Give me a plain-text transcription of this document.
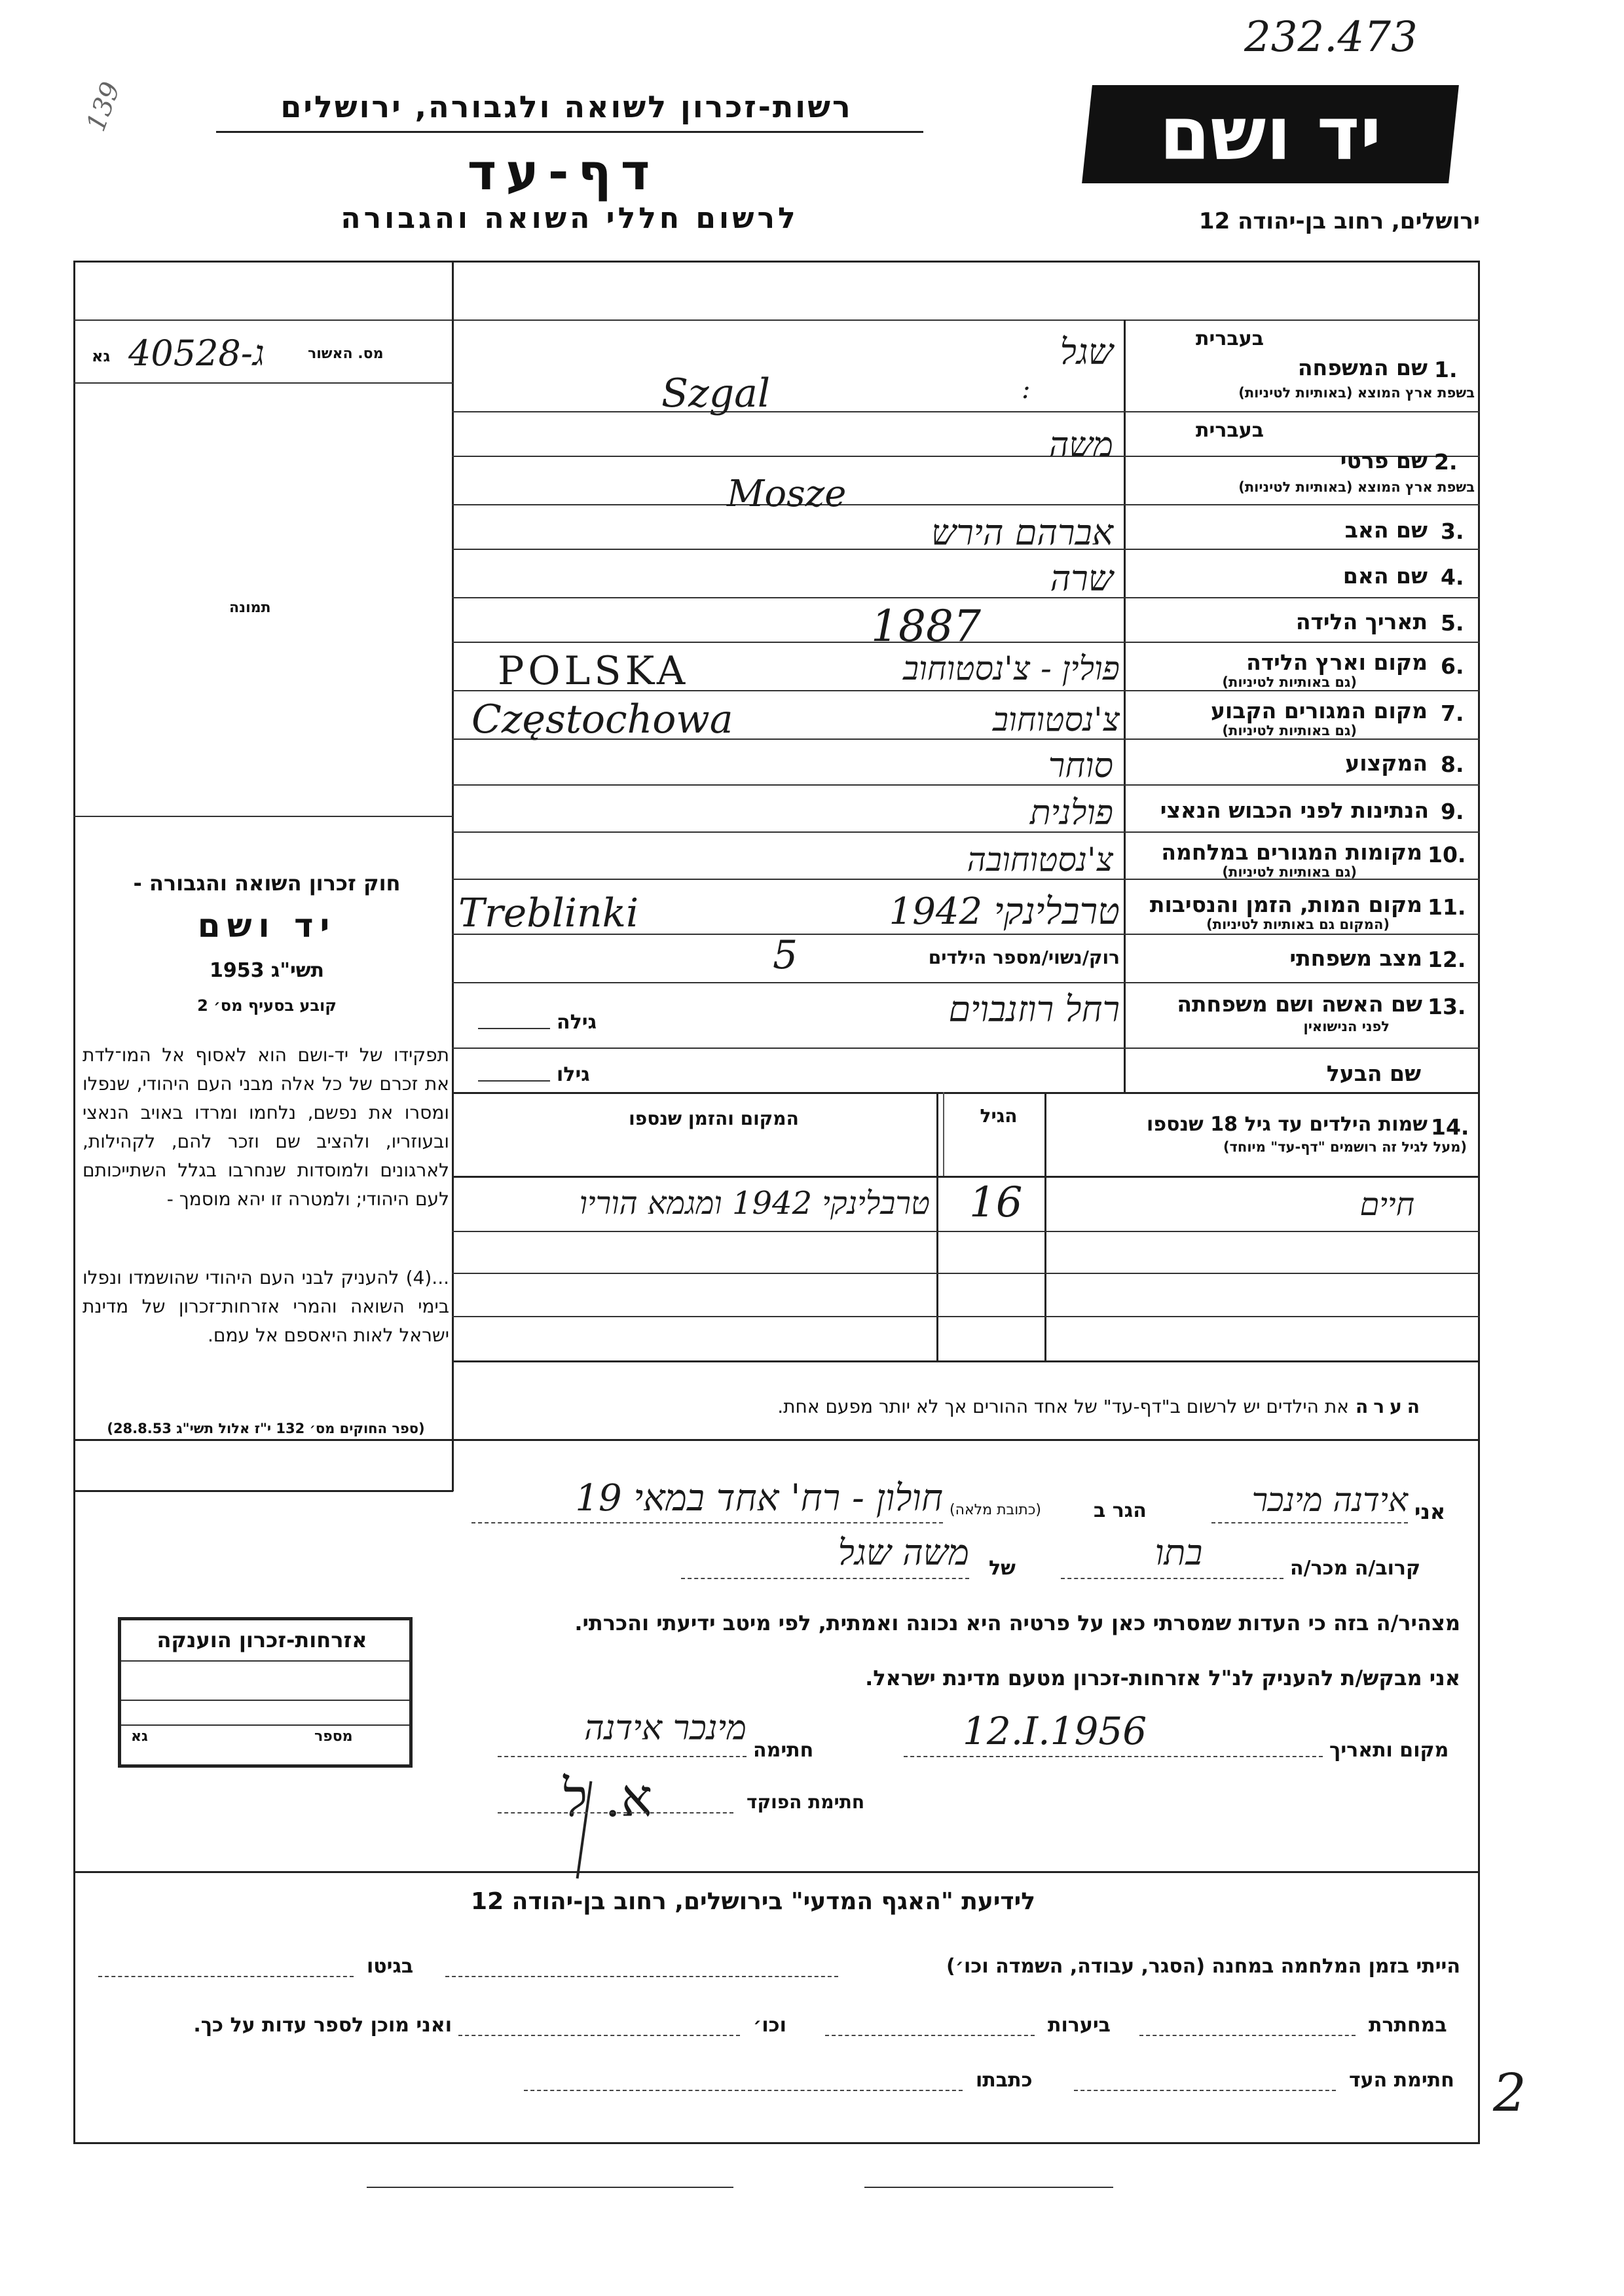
232.473
139	רשות-זכרון לשואה ולגבורה, ירושלים
דף-עד
לרשום חללי השואה והגבורה
יד ושם
ירושלים, רחוב בן-יהודה 12
מס. האשור
40528-ג
גא
תמונה
חוק זכרון השואה והגבורה -
יד ושם
תשי"ג 1953
קובע בסעיף מס׳ 2
תפקידו של יד-ושם הוא לאסוף אל המו־לדת את זכרם של כל אלה מבני העם היהודי, שנפלו ומסרו את נפשם, נלחמו ומרדו באויב הנאצי ובעוזריו, ולהציב שם וזכר להם, לקהילות, לארגונים ולמוסדות שנחרבו בגלל השתייכותם לעם היהודי; ולמטרה זו יהא מוסמך -
...(4) להעניק לבני העם היהודי שהושמדו ונפלו בימי השואה והמרי אזרחות־זכרון של מדינת ישראל לאות היאספם אל עמם.
(ספר החוקים מס׳ 132 י"ז אלול תשי"ג 28.8.53)
בעברית
1.
שם המשפחה
בשפת ארץ המוצא (באותיות לטיניות)
שגל
:
Szgal
בעברית
2.
שם פרטי
בשפת ארץ המוצא (באותיות לטיניות)
משה
Mosze
3.
שם האב
אברהם הירש
4.
שם האם
שרה
5.
תאריך הלידה
1887
6.
מקום וארץ הלידה
(גם באותיות לטיניות)
פולין - צ'נסטוחוב
POLSKA
7.
מקום המגורים הקבוע
(גם באותיות לטיניות)
צ'נסטוחוב
Częstochowa
8.
המקצוע
סוחר
9.
הנתינות לפני הכבוש הנאצי
פולנית
10.
מקומות המגורים במלחמה
(גם באותיות לטיניות)
צ'נסטוחובה
11.
מקום המות, הזמן והנסיבות
(המקום גם באותיות לטיניות)
טרבלינקי 1942
Treblinki
12.
מצב משפחתי
רוק/נשוי/מספר הילדים
5
13.
שם האשה ושם משפחתה
לפני הנישואין
רחל רוזנבוים
גילה
שם הבעל
גילו
14.
שמות הילדים עד גיל 18 שנספו
(מעל לגיל זה רושמים "דף-עד" מיוחד)
הגיל
המקום והזמן שנספו
חיים
16
טרבלינקי 1942 ומגמא הוריו
הערה
את הילדים יש לרשום ב"דף-עד" של אחד ההורים אך לא יותר מפעם אחת.
אני
אידנה מינכר
הגר ב
(כתובת מלאה)
חולון - רח' אחד במאי 19
קרוב/ה מכר/ה
בתו
של
משה שגל
מצהיר/ה בזה כי העדות שמסרתי כאן על פרטיה היא נכונה ואמתית, לפי מיטב ידיעתי והכרתי.
אני מבקש/ת להעניק לנ"ל אזרחות-זכרון מטעם מדינת ישראל.
מקום ותאריך
12.I.1956
חתימה
מינכר אידנה
חתימת הפוקד
א. ל
אזרחות-זכרון הוענקה
מספר
גא
לידיעת "האגף המדעי" בירושלים, רחוב בן-יהודה 12
הייתי בזמן המלחמה במחנה (הסגר, עבודה, השמדה וכו׳)
בגיטו
במחתרת
ביערות
וכו׳
ואני מוכן לספר עדות על כך.
חתימת העד
כתבתו	2
